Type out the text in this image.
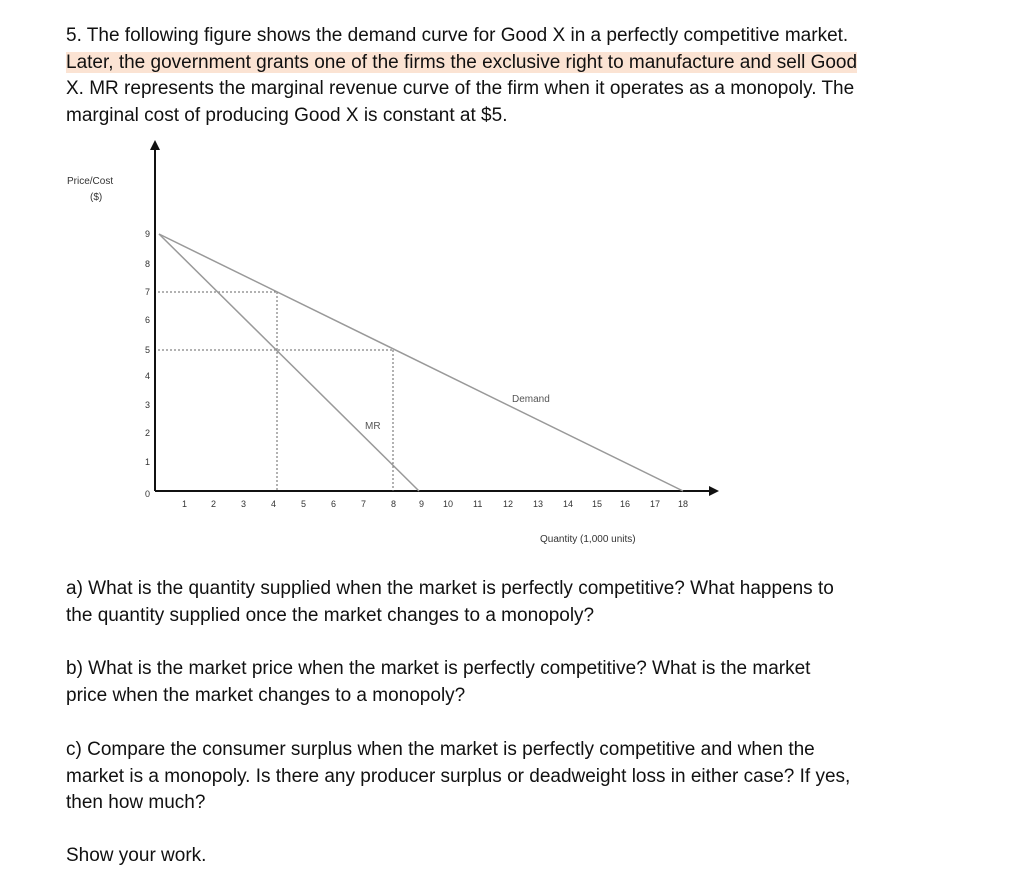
5. The following figure shows the demand curve for Good X in a perfectly competitive market.
Later, the government grants one of the firms the exclusive right to manufacture and sell Good
X. MR represents the marginal revenue curve of the firm when it operates as a monopoly. The
marginal cost of producing Good X is constant at $5.
Demand
MR
0
1
2
3
4
5
6
7
8
9
1	2	3	4	5	6	7	8	9 10 11 12 13 14 15 16 17 18
Price/Cost
($)
Quantity (1,000 units)
a) What is the quantity supplied when the market is perfectly competitive? What happens to
the quantity supplied once the market changes to a monopoly?
b) What is the market price when the market is perfectly competitive? What is the market
price when the market changes to a monopoly?
c) Compare the consumer surplus when the market is perfectly competitive and when the
market is a monopoly. Is there any producer surplus or deadweight loss in either case? If yes,
then how much?
Show your work.
